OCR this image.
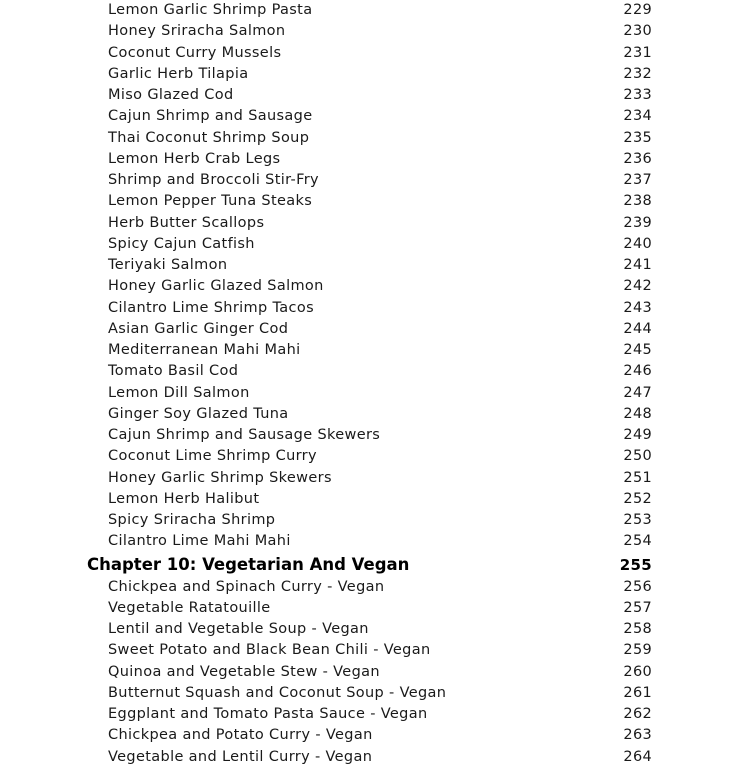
Lemon Garlic Shrimp Pasta	229
Honey Sriracha Salmon	230
Coconut Curry Mussels	231
Garlic Herb Tilapia	232
Miso Glazed Cod	233
Cajun Shrimp and Sausage	234
Thai Coconut Shrimp Soup	235
Lemon Herb Crab Legs	236
Shrimp and Broccoli Stir-Fry	237
Lemon Pepper Tuna Steaks	238
Herb Butter Scallops	239
Spicy Cajun Catfish	240
Teriyaki Salmon	241
Honey Garlic Glazed Salmon	242
Cilantro Lime Shrimp Tacos	243
Asian Garlic Ginger Cod	244
Mediterranean Mahi Mahi	245
Tomato Basil Cod	246
Lemon Dill Salmon	247
Ginger Soy Glazed Tuna	248
Cajun Shrimp and Sausage Skewers	249
Coconut Lime Shrimp Curry	250
Honey Garlic Shrimp Skewers	251
Lemon Herb Halibut	252
Spicy Sriracha Shrimp	253
Cilantro Lime Mahi Mahi	254
Chapter 10: Vegetarian And Vegan	255
Chickpea and Spinach Curry - Vegan	256
Vegetable Ratatouille	257
Lentil and Vegetable Soup - Vegan	258
Sweet Potato and Black Bean Chili - Vegan	259
Quinoa and Vegetable Stew - Vegan	260
Butternut Squash and Coconut Soup - Vegan	261
Eggplant and Tomato Pasta Sauce - Vegan	262
Chickpea and Potato Curry - Vegan	263
Vegetable and Lentil Curry - Vegan	264
